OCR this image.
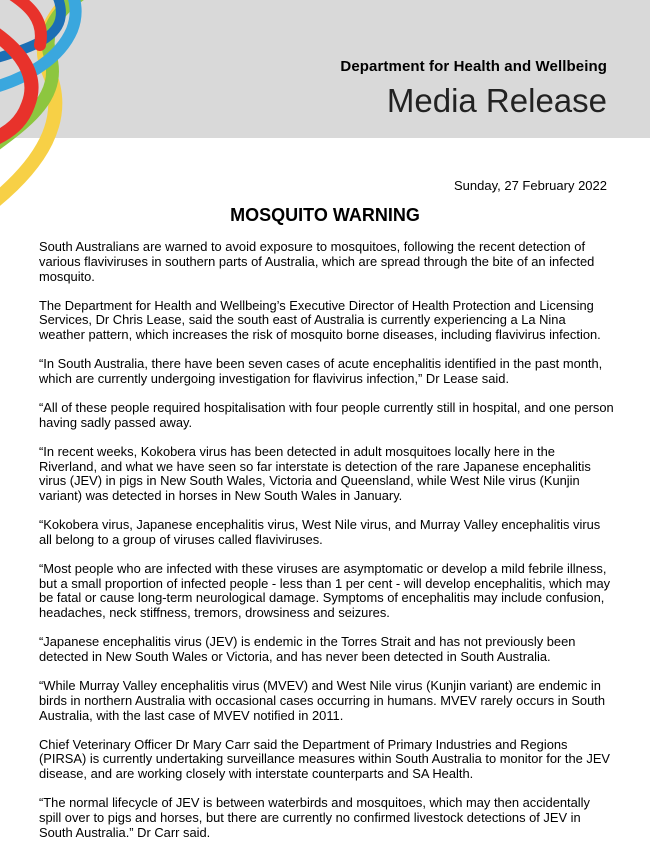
Department for Health and Wellbeing
Media Release
Sunday, 27 February 2022
MOSQUITO WARNING

South Australians are warned to avoid exposure to mosquitoes, following the recent detection of various flaviviruses in southern parts of Australia, which are spread through the bite of an infected mosquito.

The Department for Health and Wellbeing’s Executive Director of Health Protection and Licensing Services, Dr Chris Lease, said the south east of Australia is currently experiencing a La Nina weather pattern, which increases the risk of mosquito borne diseases, including flavivirus infection.

“In South Australia, there have been seven cases of acute encephalitis identified in the past month, which are currently undergoing investigation for flavivirus infection,” Dr Lease said.

“All of these people required hospitalisation with four people currently still in hospital, and one person having sadly passed away.

“In recent weeks, Kokobera virus has been detected in adult mosquitoes locally here in the Riverland, and what we have seen so far interstate is detection of the rare Japanese encephalitis virus (JEV) in pigs in New South Wales, Victoria and Queensland, while West Nile virus (Kunjin variant) was detected in horses in New South Wales in January.

“Kokobera virus, Japanese encephalitis virus, West Nile virus, and Murray Valley encephalitis virus all belong to a group of viruses called flaviviruses.

“Most people who are infected with these viruses are asymptomatic or develop a mild febrile illness, but a small proportion of infected people - less than 1 per cent - will develop encephalitis, which may be fatal or cause long-term neurological damage. Symptoms of encephalitis may include confusion, headaches, neck stiffness, tremors, drowsiness and seizures.

“Japanese encephalitis virus (JEV) is endemic in the Torres Strait and has not previously been detected in New South Wales or Victoria, and has never been detected in South Australia.

“While Murray Valley encephalitis virus (MVEV) and West Nile virus (Kunjin variant) are endemic in birds in northern Australia with occasional cases occurring in humans. MVEV rarely occurs in South Australia, with the last case of MVEV notified in 2011.

Chief Veterinary Officer Dr Mary Carr said the Department of Primary Industries and Regions (PIRSA) is currently undertaking surveillance measures within South Australia to monitor for the JEV disease, and are working closely with interstate counterparts and SA Health.

“The normal lifecycle of JEV is between waterbirds and mosquitoes, which may then accidentally spill over to pigs and horses, but there are currently no confirmed livestock detections of JEV in South Australia.” Dr Carr said.
